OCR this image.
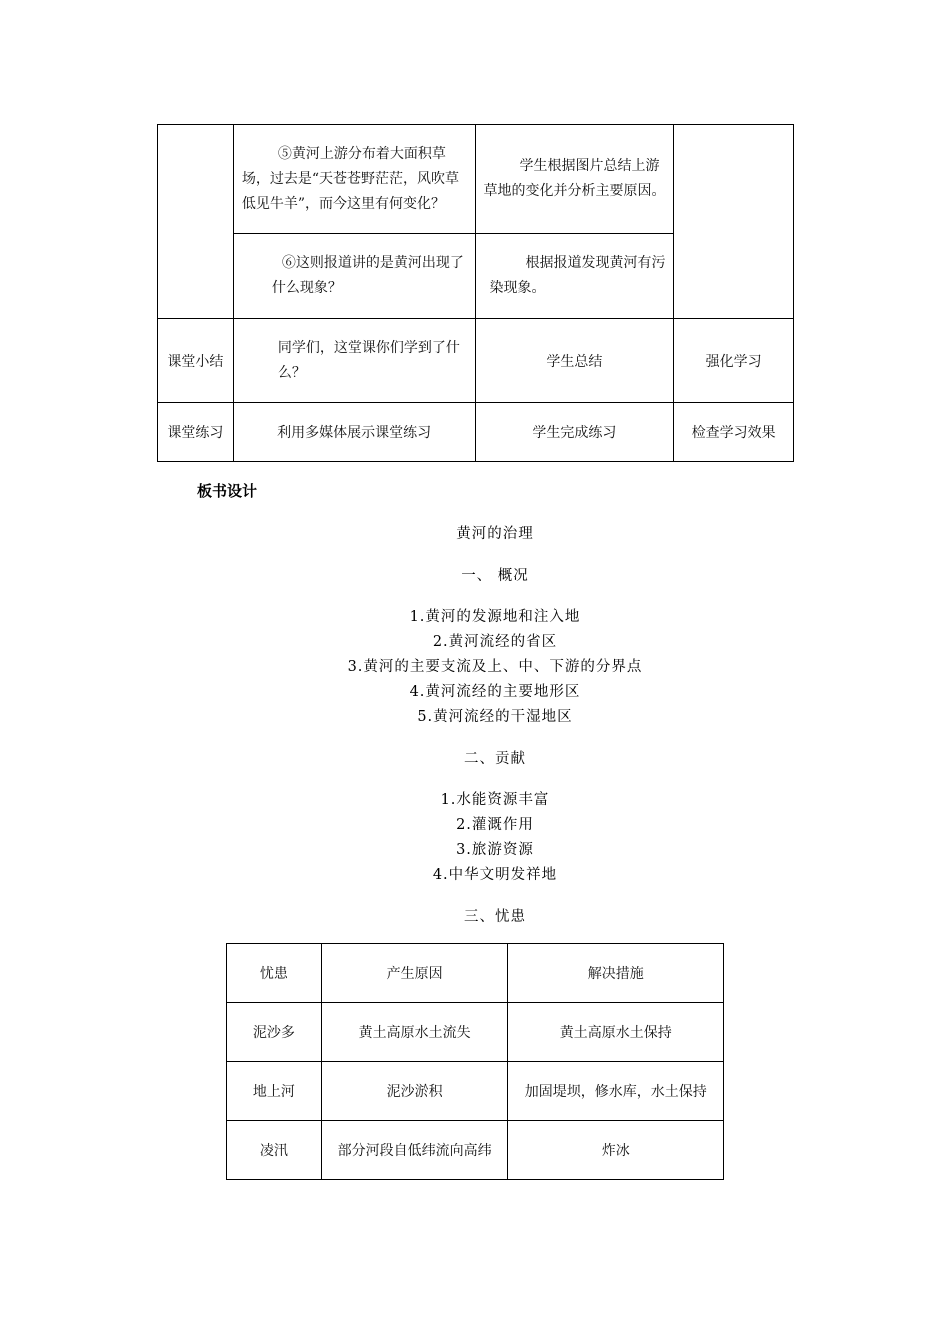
	⑤黄河上游分布着大面积草场，过去是“天苍苍野茫茫，风吹草低见牛羊”，而今这里有何变化？	学生根据图片总结上游草地的变化并分析主要原因。	

	⑥这则报道讲的是黄河出现了什么现象？	根据报道发现黄河有污染现象。	

课堂小结	同学们，这堂课你们学到了什么？	学生总结	强化学习
课堂练习	利用多媒体展示课堂练习	学生完成练习	检查学习效果
板书设计
黄河的治理
一、 概况
1.黄河的发源地和注入地
2.黄河流经的省区
3.黄河的主要支流及上、中、下游的分界点
4.黄河流经的主要地形区
5.黄河流经的干湿地区
二、贡献
1.水能资源丰富
2.灌溉作用
3.旅游资源
4.中华文明发祥地
三、忧患
忧患	产生原因	解决措施
泥沙多	黄土高原水土流失	黄土高原水土保持
地上河	泥沙淤积	加固堤坝，修水库，水土保持
凌汛	部分河段自低纬流向高纬	炸冰
